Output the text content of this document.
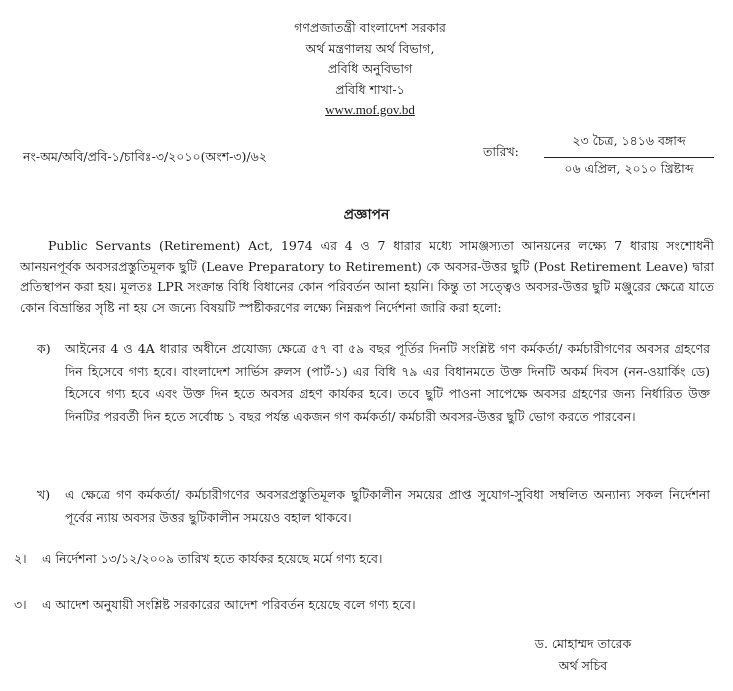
গণপ্রজাতন্ত্রী বাংলাদেশ সরকার
অর্থ মন্ত্রণালয় অর্থ বিভাগ,
প্রবিধি অনুবিভাগ
প্রবিধি শাখা-১
www.mof.gov.bd
নং-অম/অবি/প্রবি-১/চাবিঃ-৩/২০১০(অংশ-৩)/৬২	তারিখ:
২৩ চৈত্র, ১৪১৬ বঙ্গাব্দ
০৬ এপ্রিল, ২০১০ খ্রিষ্টাব্দ
প্রজ্ঞাপন
Public Servants (Retirement) Act, 1974 এর 4 ও 7 ধারার মধ্যে সামঞ্জস্যতা আনয়নের লক্ষ্যে 7 ধারায় সংশোধনী আনয়নপূর্বক অবসরপ্রস্তুতিমূলক ছুটি (Leave Preparatory to Retirement) কে অবসর-উত্তর ছুটি (Post Retirement Leave) দ্বারা প্রতিস্থাপন করা হয়। মূলতঃ LPR সংক্রান্ত বিধি বিধানের কোন পরিবর্তন আনা হয়নি। কিন্তু তা সত্ত্বেও অবসর-উত্তর ছুটি মঞ্জুরের ক্ষেত্রে যাতে কোন বিভ্রান্তির সৃষ্টি না হয় সে জন্যে বিষয়টি স্পষ্টীকরণের লক্ষ্যে নিম্নরূপ নির্দেশনা জারি করা হলো:
ক) আইনের 4 ও 4A ধারার অধীনে প্রযোজ্য ক্ষেত্রে ৫৭ বা ৫৯ বছর পূর্তির দিনটি সংশ্লিষ্ট গণ কর্মকর্তা/ কর্মচারীগণের অবসর গ্রহণের দিন হিসেবে গণ্য হবে। বাংলাদেশ সার্ভিস রুলস (পার্ট-১) এর বিধি ৭৯ এর বিধানমতে উক্ত দিনটি অকর্ম দিবস (নন-ওয়ার্কিং ডে) হিসেবে গণ্য হবে এবং উক্ত দিন হতে অবসর গ্রহণ কার্যকর হবে। তবে ছুটি পাওনা সাপেক্ষে অবসর গ্রহণের জন্য নির্ধারিত উক্ত দিনটির পরবর্তী দিন হতে সর্বোচ্চ ১ বছর পর্যন্ত একজন গণ কর্মকর্তা/ কর্মচারী অবসর-উত্তর ছুটি ভোগ করতে পারবেন।
খ) এ ক্ষেত্রে গণ কর্মকর্তা/ কর্মচারীগণের অবসরপ্রস্তুতিমূলক ছুটিকালীন সময়ের প্রাপ্ত সুযোগ-সুবিধা সম্বলিত অন্যান্য সকল নির্দেশনা পূর্বের ন্যায় অবসর উত্তর ছুটিকালীন সময়েও বহাল থাকবে।
২। এ নির্দেশনা ১৩/১২/২০০৯ তারিখ হতে কার্যকর হয়েছে মর্মে গণ্য হবে।
৩। এ আদেশ অনুযায়ী সংশ্লিষ্ট সরকারের আদেশ পরিবর্তন হয়েছে বলে গণ্য হবে।
ড. মোহাম্মদ তারেক
অর্থ সচিব
